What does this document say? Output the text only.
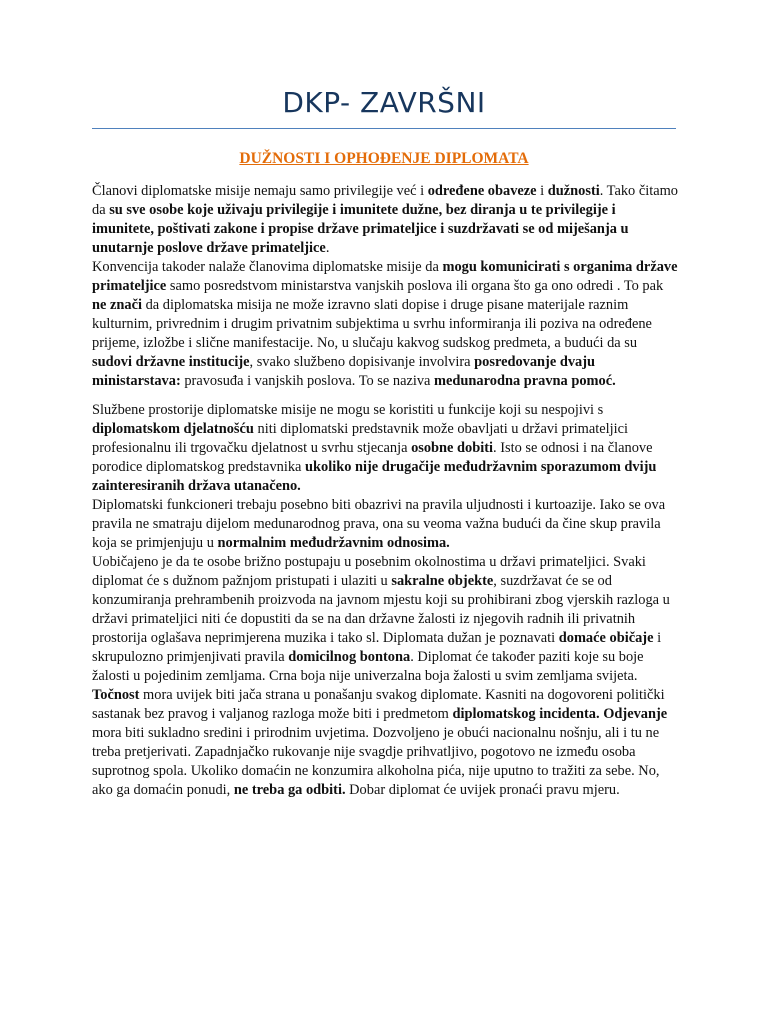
DKP- ZAVRŠNI
DUŽNOSTI I OPHOĐENJE DIPLOMATA

Članovi diplomatske misije nemaju samo privilegije već i određene obaveze i dužnosti. Tako čitamo da su sve osobe koje uživaju privilegije i imunitete dužne, bez diranja u te privilegije i imunitete, poštivati zakone i propise države primateljice i suzdržavati se od miješanja u unutarnje poslove države primateljice.

Konvencija takoder nalaže članovima diplomatske misije da mogu komunicirati s organima države primateljice samo posredstvom ministarstva vanjskih poslova ili organa što ga ono odredi . To pak ne znači da diplomatska misija ne može izravno slati dopise i druge pisane materijale raznim kulturnim, privrednim i drugim privatnim subjektima u svrhu informiranja ili poziva na određene prijeme, izložbe i slične manifestacije. No, u slučaju kakvog sudskog predmeta, a budući da su sudovi državne institucije, svako službeno dopisivanje involvira posredovanje dvaju ministarstava: pravosuđa i vanjskih poslova. To se naziva medunarodna pravna pomoć.

Službene prostorije diplomatske misije ne mogu se koristiti u funkcije koji su nespojivi s diplomatskom djelatnošću niti diplomatski predstavnik može obavljati u državi primateljici profesionalnu ili trgovačku djelatnost u svrhu stjecanja osobne dobiti. Isto se odnosi i na članove porodice diplomatskog predstavnika ukoliko nije drugačije međudržavnim sporazumom dviju zainteresiranih država utanačeno.

Diplomatski funkcioneri trebaju posebno biti obazrivi na pravila uljudnosti i kurtoazije. Iako se ova pravila ne smatraju dijelom medunarodnog prava, ona su veoma važna budući da čine skup pravila koja se primjenjuju u normalnim međudržavnim odnosima.

Uobičajeno je da te osobe brižno postupaju u posebnim okolnostima u državi primateljici. Svaki diplomat će s dužnom pažnjom pristupati i ulaziti u sakralne objekte, suzdržavat će se od konzumiranja prehrambenih proizvoda na javnom mjestu koji su prohibirani zbog vjerskih razloga u državi primateljici niti će dopustiti da se na dan državne žalosti iz njegovih radnih ili privatnih prostorija oglašava neprimjerena muzika i tako sl. Diplomata dužan je poznavati domaće običaje i skrupulozno primjenjivati pravila domicilnog bontona. Diplomat će također paziti koje su boje žalosti u pojedinim zemljama. Crna boja nije univerzalna boja žalosti u svim zemljama svijeta. Točnost mora uvijek biti jača strana u ponašanju svakog diplomate. Kasniti na dogovoreni politički sastanak bez pravog i valjanog razloga može biti i predmetom diplomatskog incidenta. Odjevanje mora biti sukladno sredini i prirodnim uvjetima. Dozvoljeno je obući nacionalnu nošnju, ali i tu ne treba pretjerivati. Zapadnjačko rukovanje nije svagdje prihvatljivo, pogotovo ne između osoba suprotnog spola. Ukoliko domaćin ne konzumira alkoholna pića, nije uputno to tražiti za sebe. No, ako ga domaćin ponudi, ne treba ga odbiti. Dobar diplomat će uvijek pronaći pravu mjeru.
